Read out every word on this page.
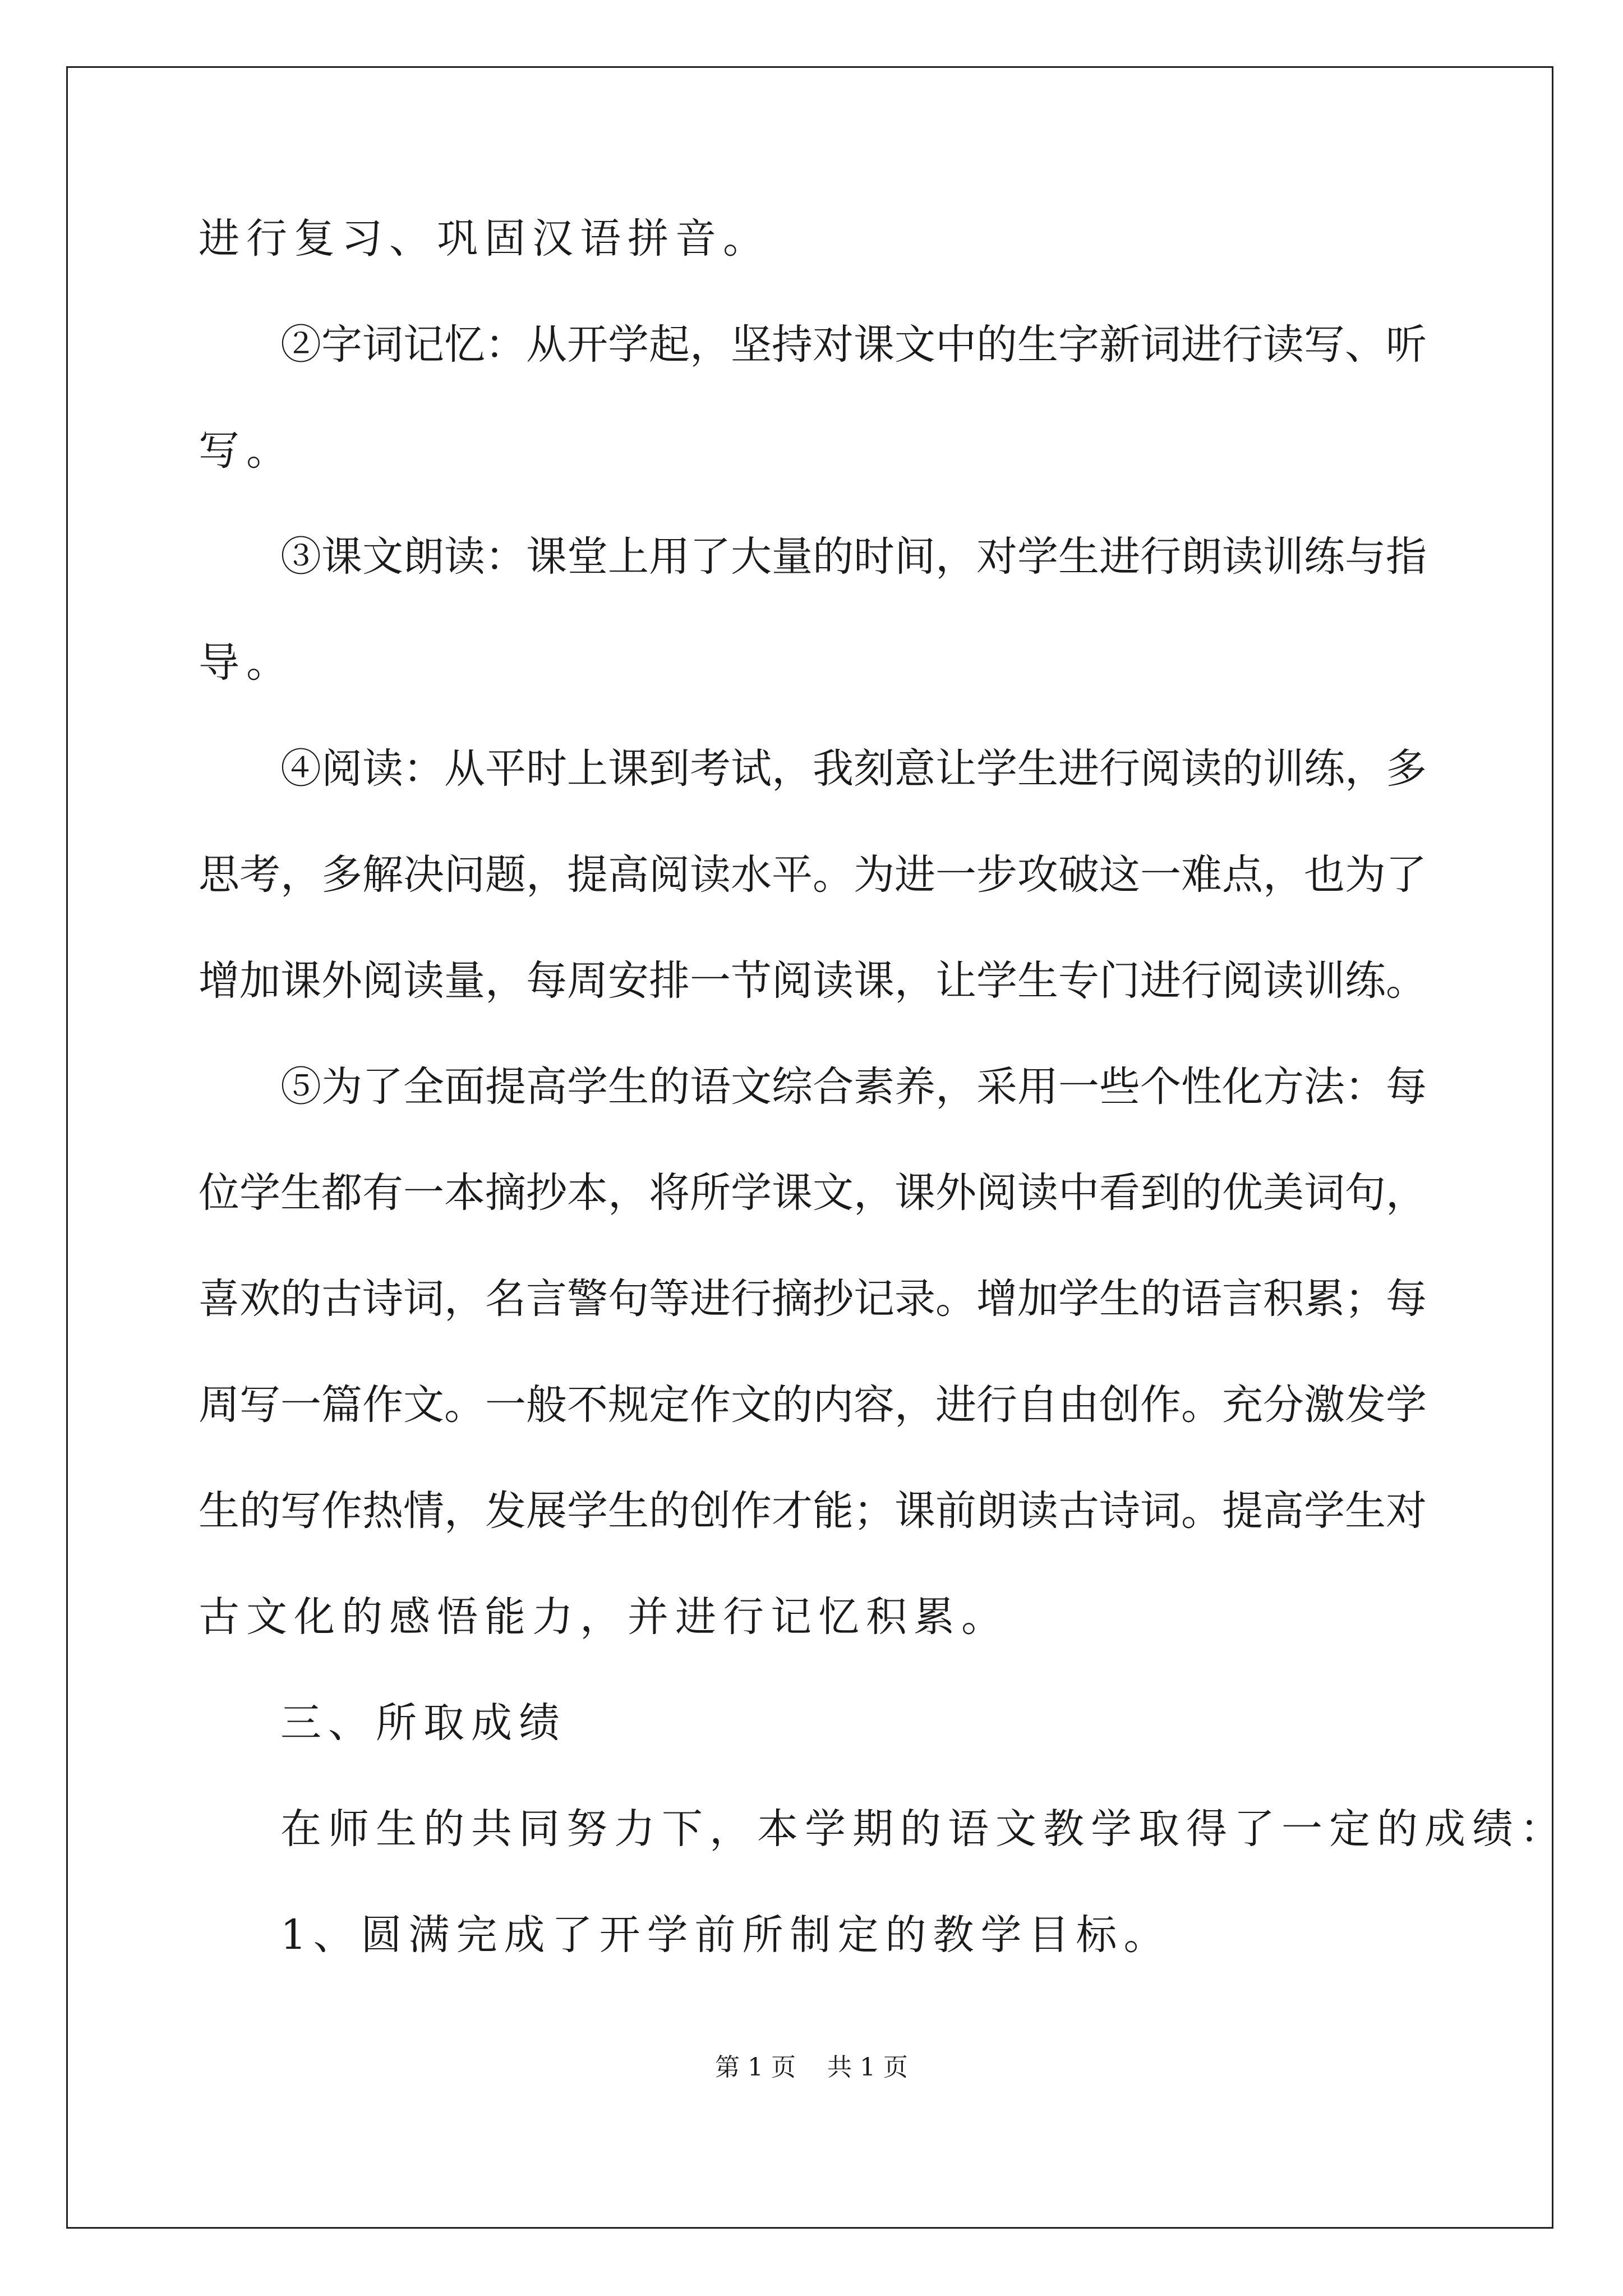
进行复习、巩固汉语拼音。
②字词记忆：从开学起，坚持对课文中的生字新词进行读写、听
写。
③课文朗读：课堂上用了大量的时间，对学生进行朗读训练与指
导。
④阅读：从平时上课到考试，我刻意让学生进行阅读的训练，多
思考，多解决问题，提高阅读水平。为进一步攻破这一难点，也为了
增加课外阅读量，每周安排一节阅读课，让学生专门进行阅读训练。
⑤为了全面提高学生的语文综合素养，采用一些个性化方法：每
位学生都有一本摘抄本，将所学课文，课外阅读中看到的优美词句，
喜欢的古诗词，名言警句等进行摘抄记录。增加学生的语言积累；每
周写一篇作文。一般不规定作文的内容，进行自由创作。充分激发学
生的写作热情，发展学生的创作才能；课前朗读古诗词。提高学生对
古文化的感悟能力，并进行记忆积累。
三、所取成绩
在师生的共同努力下，本学期的语文教学取得了一定的成绩：
1、圆满完成了开学前所制定的教学目标。
第 1 页    共 1 页
